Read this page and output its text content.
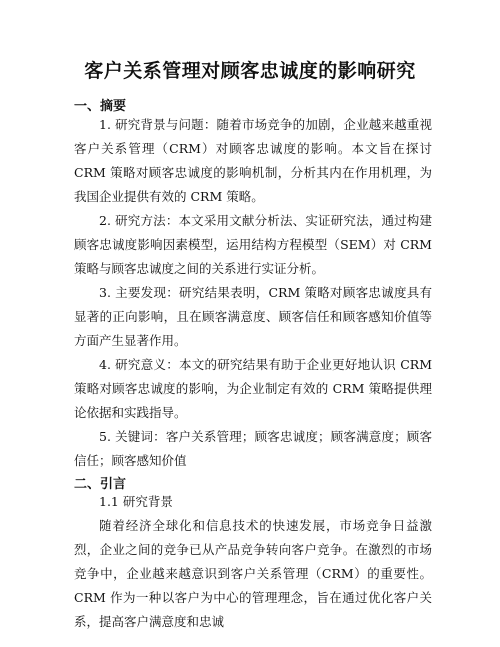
客户关系管理对顾客忠诚度的影响研究
一、摘要

1. 研究背景与问题：随着市场竞争的加剧，企业越来越重视客户关系管理（CRM）对顾客忠诚度的影响。本文旨在探讨 CRM 策略对顾客忠诚度的影响机制，分析其内在作用机理，为我国企业提供有效的 CRM 策略。

2. 研究方法：本文采用文献分析法、实证研究法，通过构建顾客忠诚度影响因素模型，运用结构方程模型（SEM）对 CRM 策略与顾客忠诚度之间的关系进行实证分析。

3. 主要发现：研究结果表明，CRM 策略对顾客忠诚度具有显著的正向影响，且在顾客满意度、顾客信任和顾客感知价值等方面产生显著作用。

4. 研究意义：本文的研究结果有助于企业更好地认识 CRM 策略对顾客忠诚度的影响，为企业制定有效的 CRM 策略提供理论依据和实践指导。

5. 关键词：客户关系管理；顾客忠诚度；顾客满意度；顾客信任；顾客感知价值

二、引言

1.1 研究背景

随着经济全球化和信息技术的快速发展，市场竞争日益激烈，企业之间的竞争已从产品竞争转向客户竞争。在激烈的市场竞争中，企业越来越意识到客户关系管理（CRM）的重要性。CRM 作为一种以客户为中心的管理理念，旨在通过优化客户关系，提高客户满意度和忠诚
